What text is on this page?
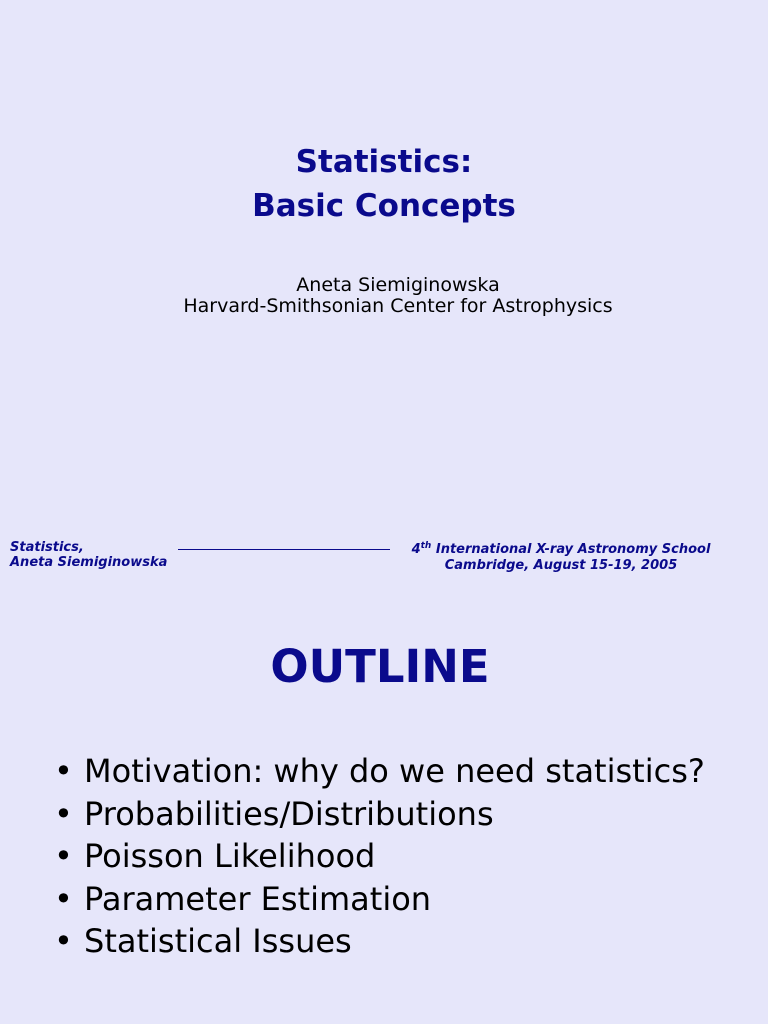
Statistics:
Basic Concepts
Aneta Siemiginowska
Harvard-Smithsonian Center for Astrophysics
Statistics,
Aneta Siemiginowska
4th International X-ray Astronomy School
Cambridge, August 15-19, 2005
OUTLINE
• Motivation: why do we need statistics?
• Probabilities/Distributions
• Poisson Likelihood
• Parameter Estimation
• Statistical Issues
